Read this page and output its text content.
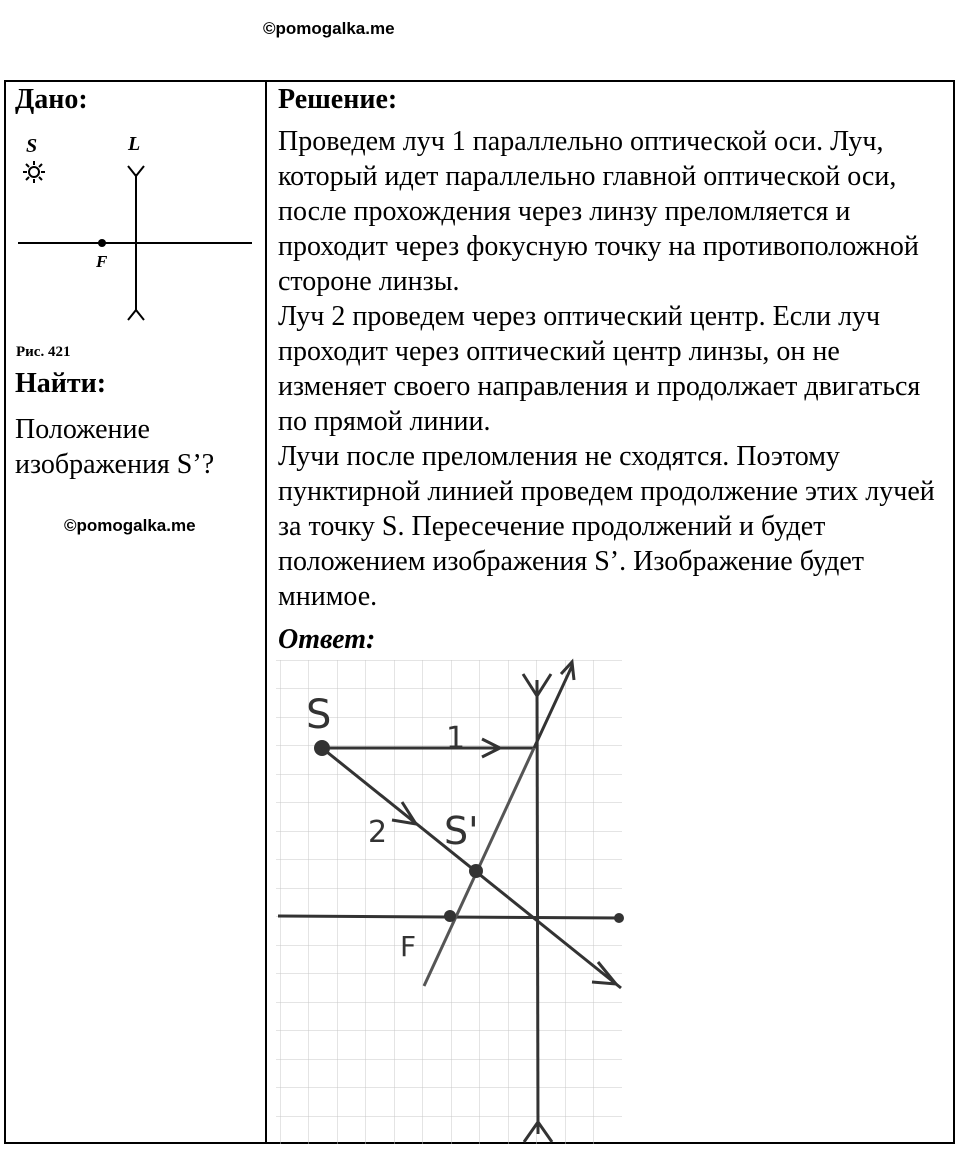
©pomogalka.me
Дано:
S	L
F
Рис. 421
Найти:
Положение изображения S’?
©pomogalka.me
Решение:

Проведем луч 1 параллельно оптической оси. Луч, который идет параллельно главной оптической оси, после прохождения через линзу преломляется и проходит через фокусную точку на противоположной стороне линзы.

Луч 2 проведем через оптический центр. Если луч проходит через оптический центр линзы, он не изменяет своего направления и продолжает двигаться по прямой линии.

Лучи после преломления не сходятся. Поэтому пунктирной линией проведем продолжение этих лучей за точку S. Пересечение продолжений и будет положением изображения S’. Изображение будет мнимое.

Ответ:
S
1
2 S'
F
